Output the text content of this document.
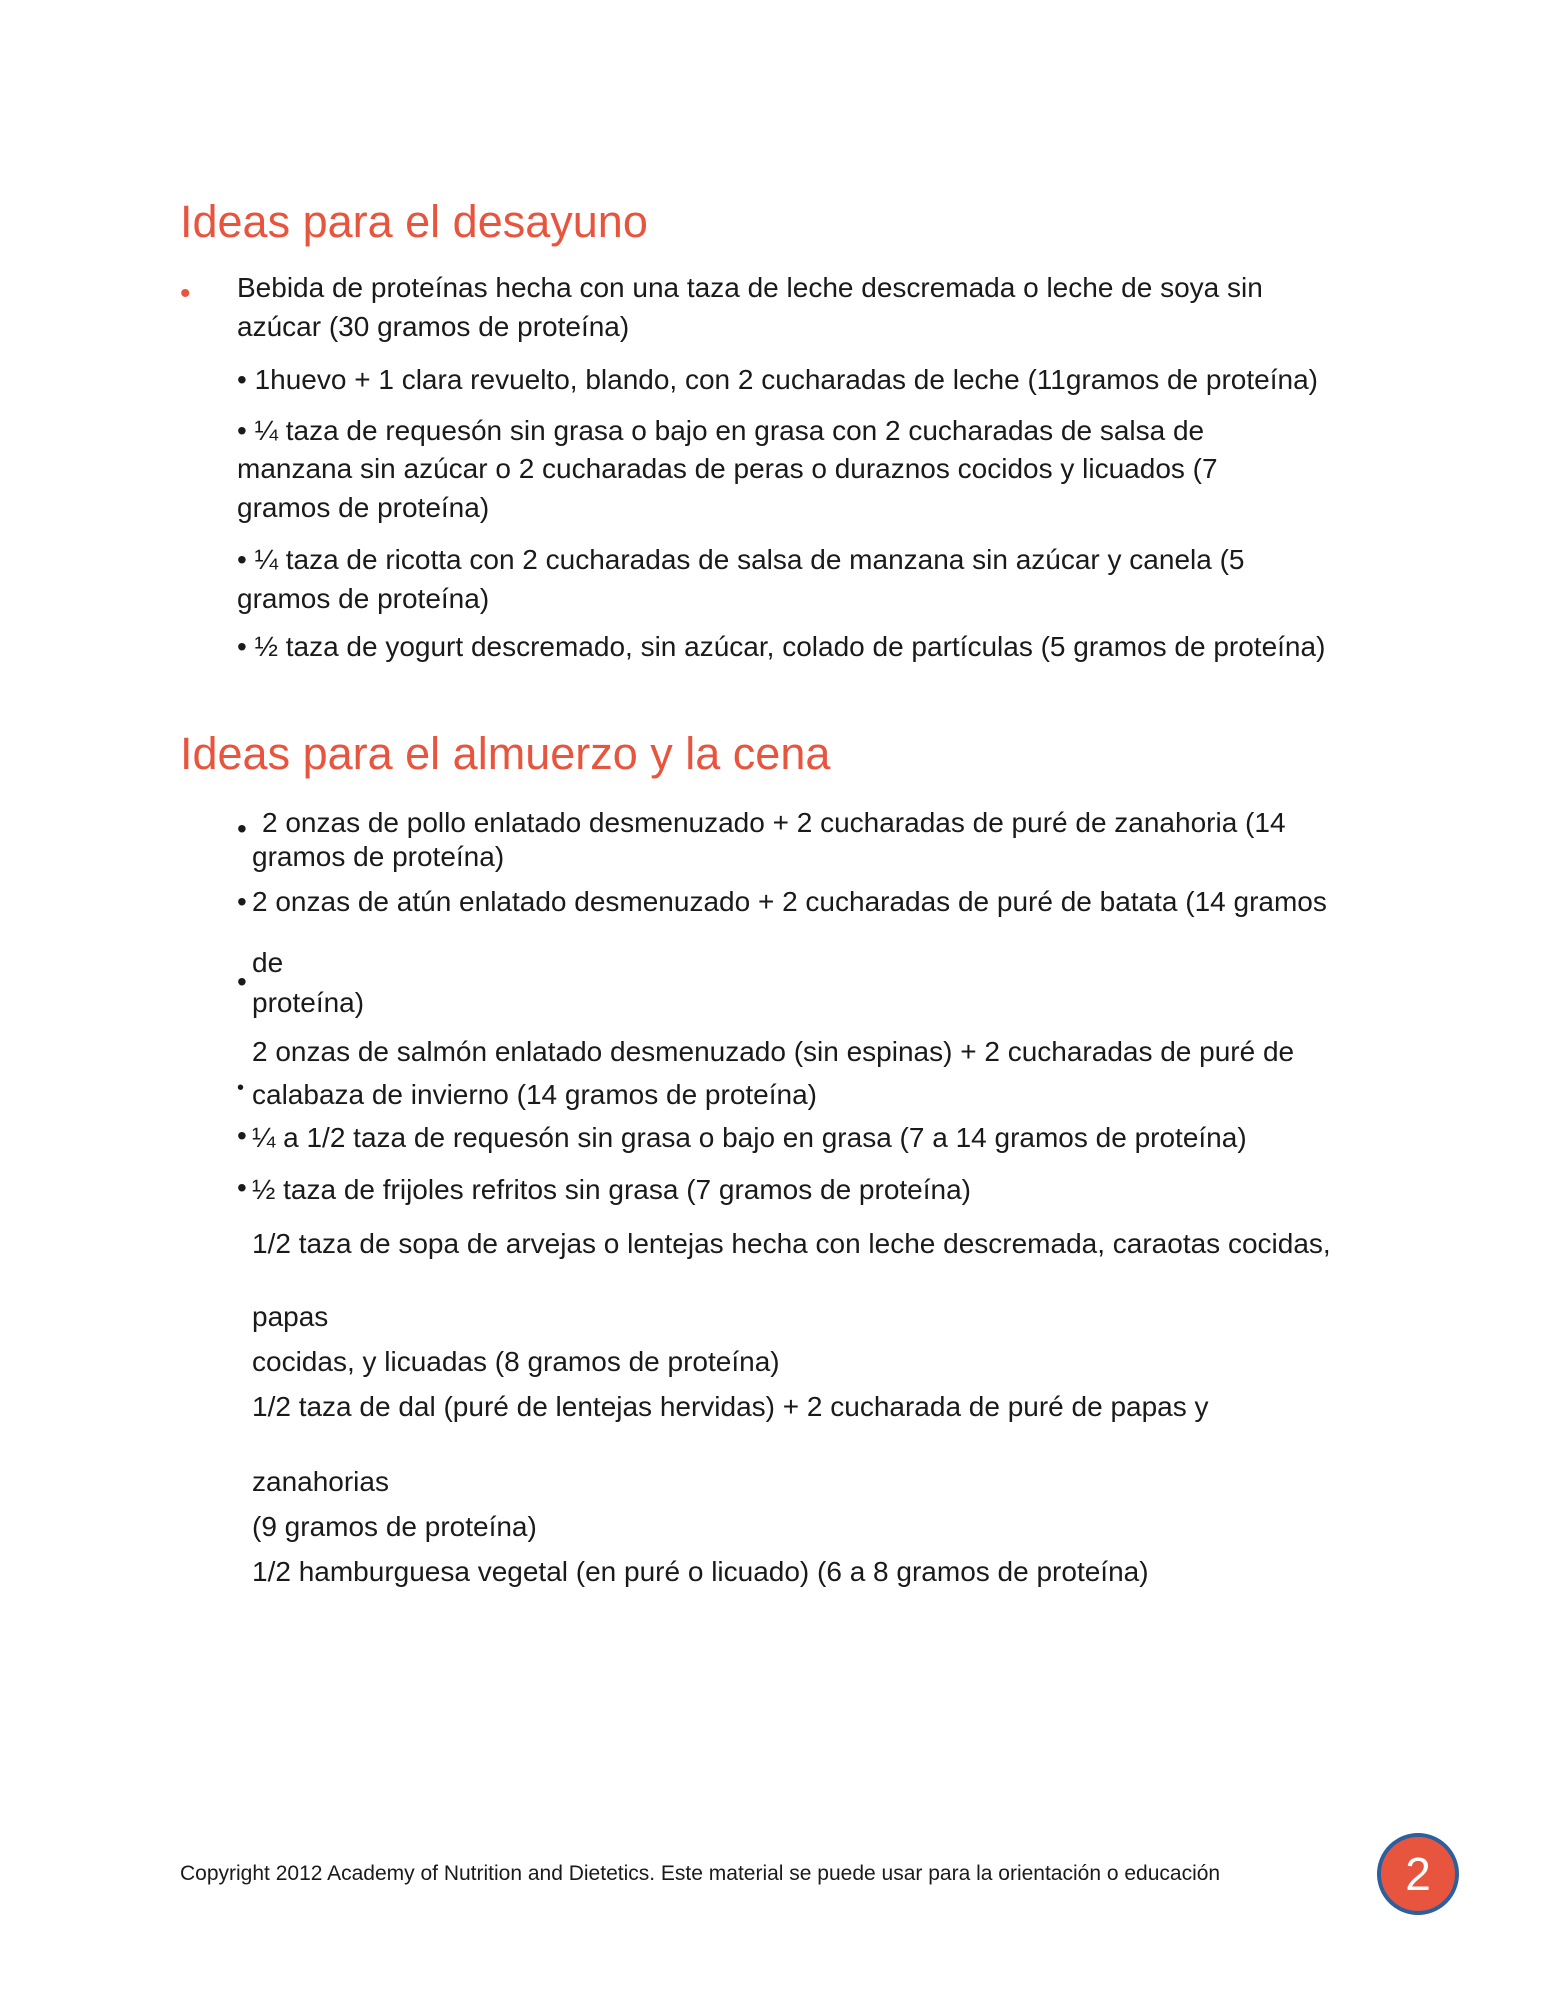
Ideas para el desayuno
• Bebida de proteínas hecha con una taza de leche descremada o leche de soya sin
azúcar (30 gramos de proteína)
• 1huevo + 1 clara revuelto, blando, con 2 cucharadas de leche (11gramos de proteína)
• ¼ taza de requesón sin grasa o bajo en grasa con 2 cucharadas de salsa de
manzana sin azúcar o 2 cucharadas de peras o duraznos cocidos y licuados (7
gramos de proteína)
• ¼ taza de ricotta con 2 cucharadas de salsa de manzana sin azúcar y canela (5
gramos de proteína)
• ½ taza de yogurt descremado, sin azúcar, colado de partículas (5 gramos de proteína)
Ideas para el almuerzo y la cena
• 2 onzas de pollo enlatado desmenuzado + 2 cucharadas de puré de zanahoria (14
gramos de proteína)
• 2 onzas de atún enlatado desmenuzado + 2 cucharadas de puré de batata (14 gramos
•
de
proteína)
2 onzas de salmón enlatado desmenuzado (sin espinas) + 2 cucharadas de puré de
• calabaza de invierno (14 gramos de proteína)
• ¼ a 1/2 taza de requesón sin grasa o bajo en grasa (7 a 14 gramos de proteína)
• ½ taza de frijoles refritos sin grasa (7 gramos de proteína)
1/2 taza de sopa de arvejas o lentejas hecha con leche descremada, caraotas cocidas,
papas
cocidas, y licuadas (8 gramos de proteína)
1/2 taza de dal (puré de lentejas hervidas) + 2 cucharada de puré de papas y
zanahorias
(9 gramos de proteína)
1/2 hamburguesa vegetal (en puré o licuado) (6 a 8 gramos de proteína)
Copyright 2012 Academy of Nutrition and Dietetics. Este material se puede usar para la orientación o educación	2
